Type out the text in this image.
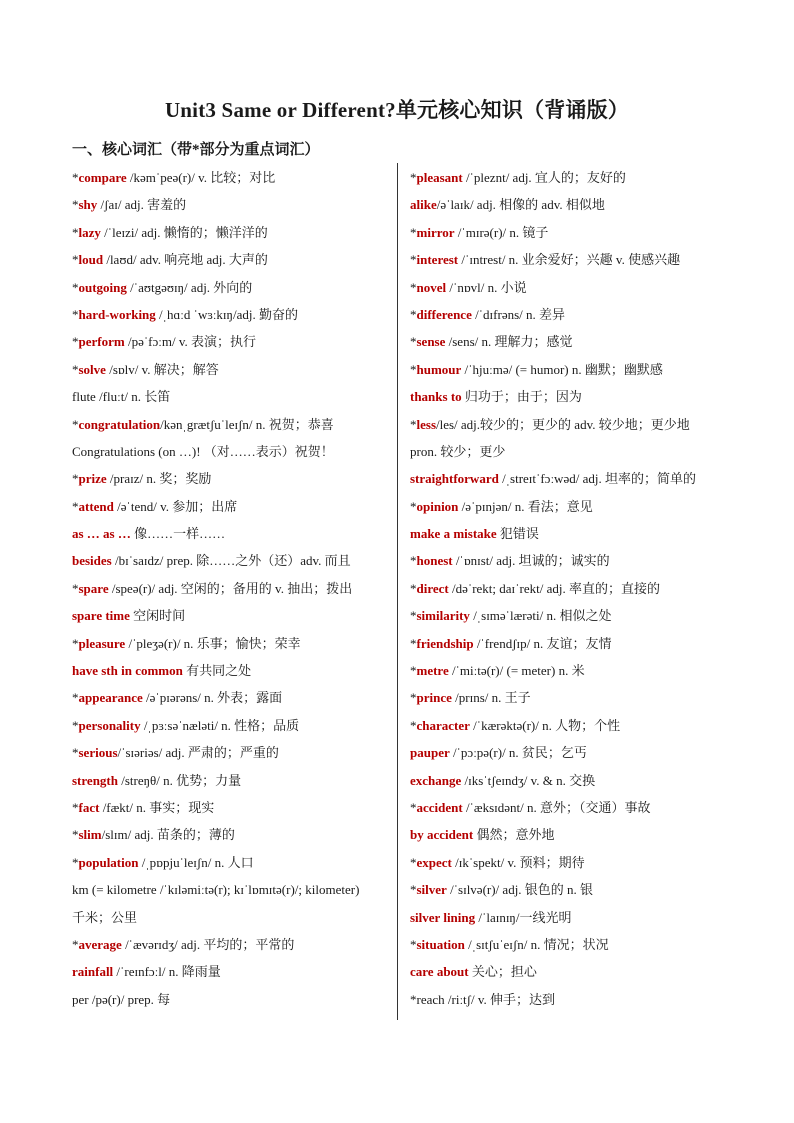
Unit3 Same or Different?单元核心知识（背诵版）
一、核心词汇（带*部分为重点词汇）
*compare /kəmˈpeə(r)/ v. 比较；对比
*shy /ʃaɪ/ adj. 害羞的
*lazy /ˈleɪzi/ adj. 懒惰的；懒洋洋的
*loud /laʊd/ adv. 响亮地 adj. 大声的
*outgoing /ˈaʊtgəʊɪŋ/ adj. 外向的
*hard-working /ˌhɑːd ˈwɜːkɪŋ/adj. 勤奋的
*perform /pəˈfɔːm/ v. 表演；执行
*solve /sɒlv/ v. 解决；解答
flute /fluːt/ n. 长笛
*congratulation/kənˌgrætʃuˈleɪʃn/ n. 祝贺；恭喜
Congratulations (on …)! （对……表示）祝贺！
*prize /praɪz/ n. 奖；奖励
*attend /əˈtend/ v. 参加；出席
as … as … 像……一样……
besides /bɪˈsaɪdz/ prep. 除……之外（还）adv. 而且
*spare /speə(r)/ adj. 空闲的；备用的 v. 抽出；拨出
spare time 空闲时间
*pleasure /ˈpleʒə(r)/ n. 乐事；愉快；荣幸
have sth in common 有共同之处
*appearance /əˈpɪərəns/ n. 外表；露面
*personality /ˌpɜːsəˈnæləti/ n. 性格；品质
*serious/ˈsɪəriəs/ adj. 严肃的；严重的
strength /streŋθ/ n. 优势；力量
*fact /fækt/ n. 事实；现实
*slim/slɪm/ adj. 苗条的；薄的
*population /ˌpɒpjuˈleɪʃn/ n. 人口
km (= kilometre /ˈkɪləmiːtə(r); kɪˈlɒmɪtə(r)/; kilometer)
千米；公里
*average /ˈævərɪdʒ/ adj. 平均的；平常的
rainfall /ˈreɪnfɔːl/ n. 降雨量
per /pə(r)/ prep. 每
*pleasant /ˈpleznt/ adj. 宜人的；友好的
alike/əˈlaɪk/ adj. 相像的 adv. 相似地
*mirror /ˈmɪrə(r)/ n. 镜子
*interest /ˈɪntrest/ n. 业余爱好；兴趣 v. 使感兴趣
*novel /ˈnɒvl/ n. 小说
*difference /ˈdɪfrəns/ n. 差异
*sense /sens/ n. 理解力；感觉
*humour /ˈhjuːmə/ (= humor) n. 幽默；幽默感
thanks to 归功于；由于；因为
*less/les/ adj.较少的；更少的 adv. 较少地；更少地
pron. 较少；更少
straightforward /ˌstreɪtˈfɔːwəd/ adj. 坦率的；简单的
*opinion /əˈpɪnjən/ n. 看法；意见
make a mistake 犯错误
*honest /ˈɒnɪst/ adj. 坦诚的；诚实的
*direct /dəˈrekt; daɪˈrekt/ adj. 率直的；直接的
*similarity /ˌsɪməˈlærəti/ n. 相似之处
*friendship /ˈfrendʃɪp/ n. 友谊；友情
*metre /ˈmiːtə(r)/ (= meter) n. 米
*prince /prɪns/ n. 王子
*character /ˈkærəktə(r)/ n. 人物；个性
pauper /ˈpɔːpə(r)/ n. 贫民；乞丐
exchange /ɪksˈtʃeɪndʒ/ v. & n. 交换
*accident /ˈæksɪdənt/ n. 意外；（交通）事故
by accident 偶然；意外地
*expect /ɪkˈspekt/ v. 预料；期待
*silver /ˈsɪlvə(r)/ adj. 银色的 n. 银
silver lining /ˈlaɪnɪŋ/一线光明
*situation /ˌsɪtʃuˈeɪʃn/ n. 情况；状况
care about 关心；担心
*reach /riːtʃ/ v. 伸手；达到
